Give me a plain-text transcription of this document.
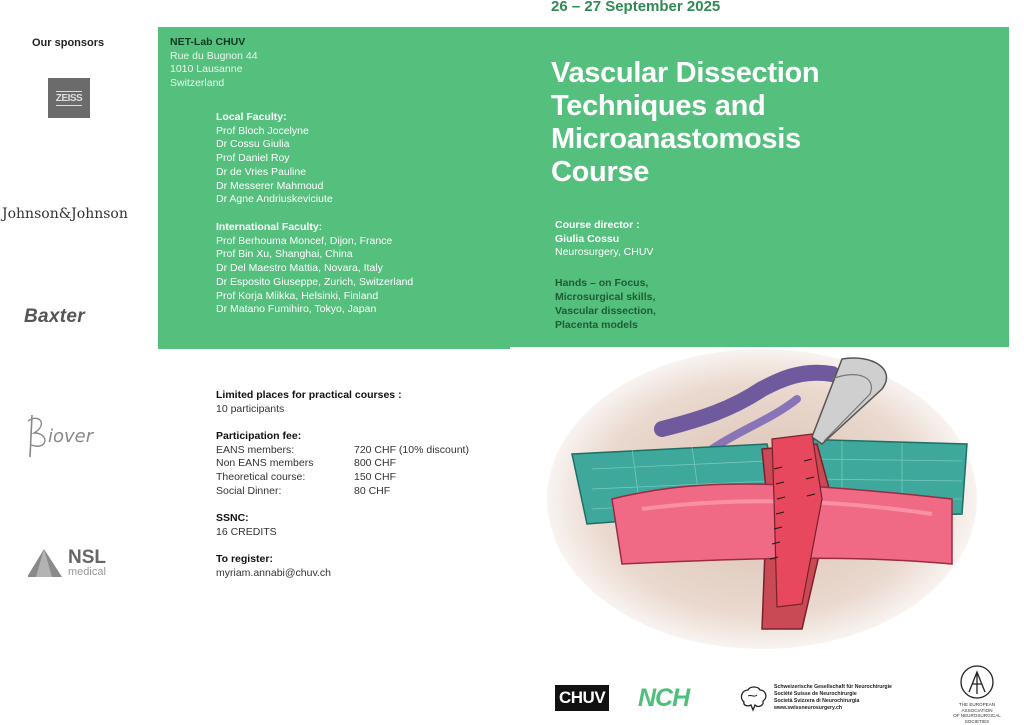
Our sponsors
ZEISS
Johnson&Johnson
Baxter
iover
NSL
medical
26 – 27 September 2025
NET-Lab CHUV
Rue du Bugnon 44
1010 Lausanne
Switzerland
Local Faculty:
Prof Bloch Jocelyne
Dr Cossu Giulia
Prof Daniel Roy
Dr de Vries Pauline
Dr Messerer Mahmoud
Dr Agne Andriuskeviciute
International Faculty:
Prof Berhouma Moncef, Dijon, France
Prof Bin Xu, Shanghai, China
Dr Del Maestro Mattia, Novara, Italy
Dr Esposito Giuseppe, Zurich, Switzerland
Prof Korja Miikka, Helsinki, Finland
Dr Matano Fumihiro, Tokyo, Japan
Vascular Dissection
Techniques and
Microanastomosis
Course
Course director :
Giulia Cossu
Neurosurgery, CHUV
Hands – on Focus,
Microsurgical skills,
Vascular dissection,
Placenta models
Limited places for practical courses :
10 participants
Participation fee:
EANS members:	720 CHF (10% discount)
Non EANS members	800 CHF
Theoretical course:	150 CHF
Social Dinner:	80 CHF
SSNC:
16 CREDITS
To register:
myriam.annabi@chuv.ch
CHUV NCH	Schweizerische Gesellschaft für Neurochirurgie
Société Suisse de Neurochirurgie
Società Svizzera di Neurochirurgia
www.swissneurosurgery.ch
THE EUROPEAN ASSOCIATION
OF NEUROSURGICAL SOCIETIES
